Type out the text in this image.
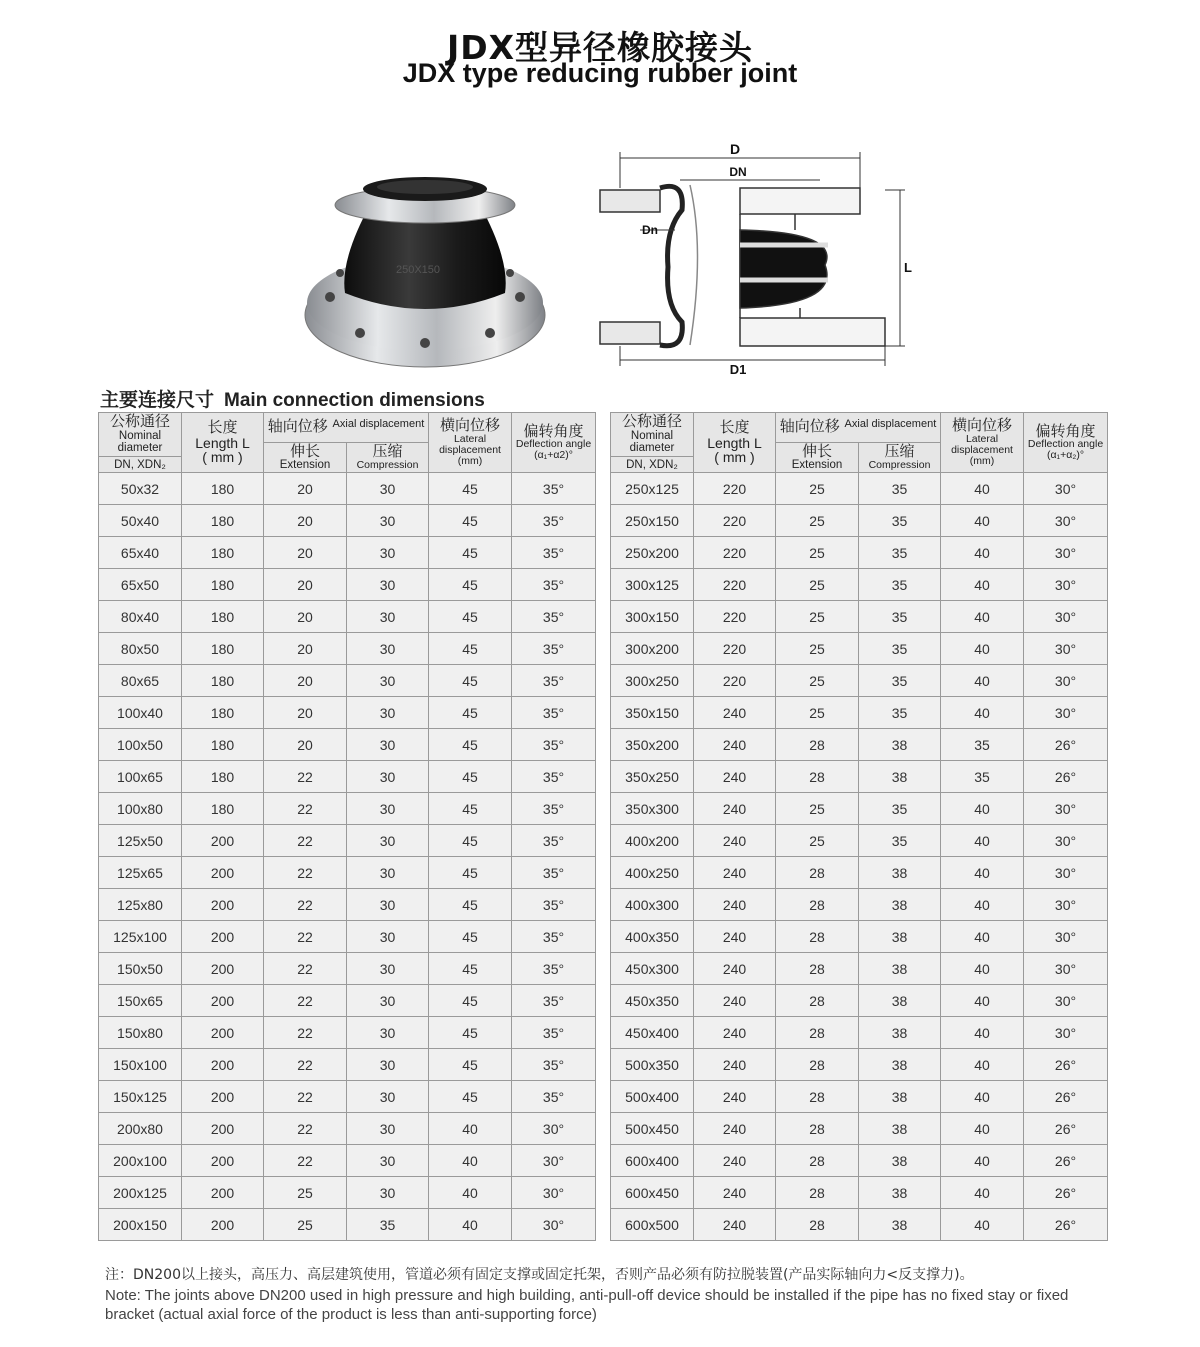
JDX型异径橡胶接头
JDX type reducing rubber joint
250X150
D
DN
Dn
D1
L
主要连接尺寸 Main connection dimensions
公称通径
Nominal diameter
DN, XDN₂	长度
Length L
( mm )	轴向位移 $^{Axial displacement}$		横向位移
Lateral displacement
(mm)	偏转角度
Deflection angle
(α₁+α2)°

		伸长
Extension	压缩
Compression		

50x32	180	20	30	45	35°
50x40	180	20	30	45	35°
65x40	180	20	30	45	35°
65x50	180	20	30	45	35°
80x40	180	20	30	45	35°
80x50	180	20	30	45	35°
80x65	180	20	30	45	35°
100x40	180	20	30	45	35°
100x50	180	20	30	45	35°
100x65	180	22	30	45	35°
100x80	180	22	30	45	35°
125x50	200	22	30	45	35°
125x65	200	22	30	45	35°
125x80	200	22	30	45	35°
125x100	200	22	30	45	35°
150x50	200	22	30	45	35°
150x65	200	22	30	45	35°
150x80	200	22	30	45	35°
150x100	200	22	30	45	35°
150x125	200	22	30	45	35°
200x80	200	22	30	40	30°
200x100	200	22	30	40	30°
200x125	200	25	30	40	30°
200x150	200	25	35	40	30°
公称通径
Nominal diameter
DN, XDN₂	长度
Length L
( mm )	轴向位移 $^{Axial displacement}$		横向位移
Lateral displacement
(mm)	偏转角度
Deflection angle
(α₁+α₂)°

		伸长
Extension	压缩
Compression		

250x125	220	25	35	40	30°
250x150	220	25	35	40	30°
250x200	220	25	35	40	30°
300x125	220	25	35	40	30°
300x150	220	25	35	40	30°
300x200	220	25	35	40	30°
300x250	220	25	35	40	30°
350x150	240	25	35	40	30°
350x200	240	28	38	35	26°
350x250	240	28	38	35	26°
350x300	240	25	35	40	30°
400x200	240	25	35	40	30°
400x250	240	28	38	40	30°
400x300	240	28	38	40	30°
400x350	240	28	38	40	30°
450x300	240	28	38	40	30°
450x350	240	28	38	40	30°
450x400	240	28	38	40	30°
500x350	240	28	38	40	26°
500x400	240	28	38	40	26°
500x450	240	28	38	40	26°
600x400	240	28	38	40	26°
600x450	240	28	38	40	26°
600x500	240	28	38	40	26°
注：DN200以上接头，高压力、高层建筑使用，管道必须有固定支撑或固定托架，否则产品必须有防拉脱装置(产品实际轴向力<反支撑力)。
Note: The joints above DN200 used in high pressure and high building, anti-pull-off device should be installed if the pipe has no fixed stay or fixed bracket (actual axial force of the product is less than anti-supporting force)
